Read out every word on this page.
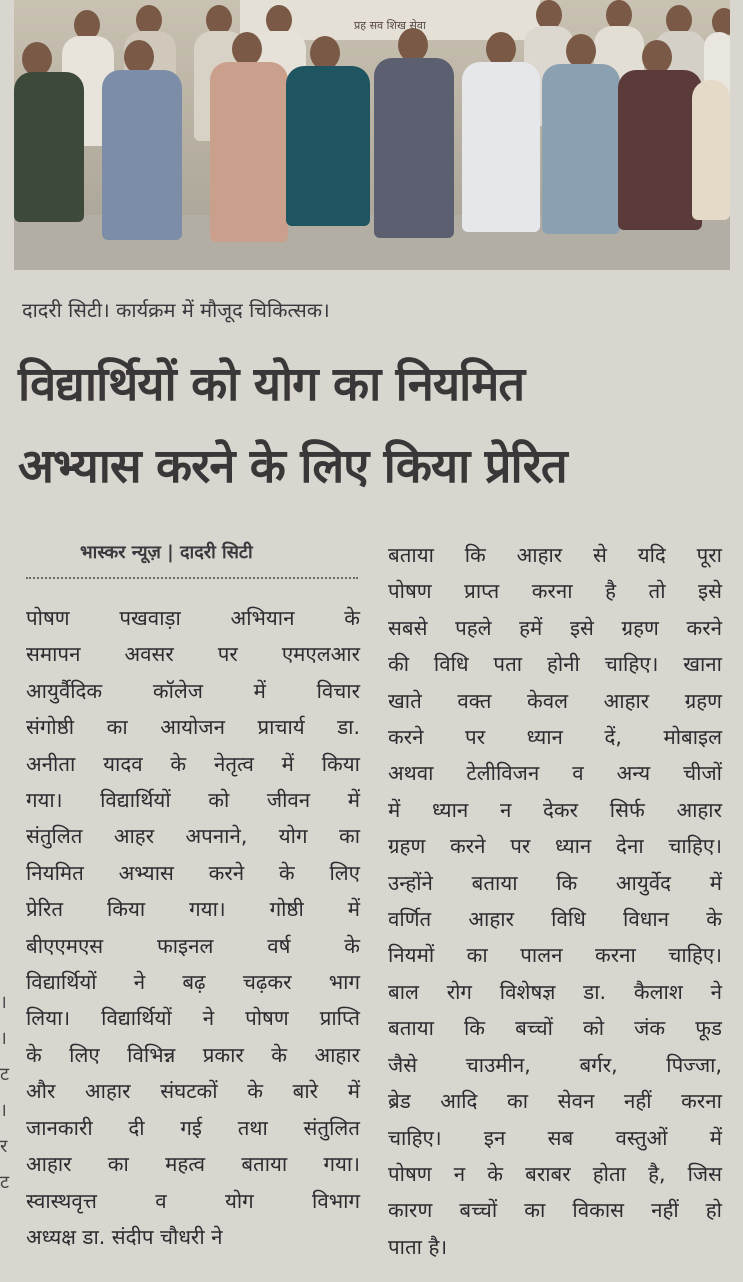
प्रह सव शिख सेवा
दादरी सिटी। कार्यक्रम में मौजूद चिकित्सक।
विद्यार्थियों को योग का नियमित
अभ्यास करने के लिए किया प्रेरित
भास्कर न्यूज़ | दादरी सिटी
पोषण पखवाड़ा अभियान के
समापन अवसर पर एमएलआर
आयुर्वैदिक कॉलेज में विचार
संगोष्ठी का आयोजन प्राचार्य डा.
अनीता यादव के नेतृत्व में किया
गया। विद्यार्थियों को जीवन में
संतुलित आहर अपनाने, योग का
नियमित अभ्यास करने के लिए
प्रेरित किया गया। गोष्ठी में
बीएएमएस फाइनल वर्ष के
विद्यार्थियों ने बढ़ चढ़कर भाग
लिया। विद्यार्थियों ने पोषण प्राप्ति
के लिए विभिन्न प्रकार के आहार
और आहार संघटकों के बारे में
जानकारी दी गई तथा संतुलित
आहार का महत्व बताया गया।
स्वास्थवृत्त व योग विभाग
अध्यक्ष डा. संदीप चौधरी ने
बताया कि आहार से यदि पूरा
पोषण प्राप्त करना है तो इसे
सबसे पहले हमें इसे ग्रहण करने
की विधि पता होनी चाहिए। खाना
खाते वक्त केवल आहार ग्रहण
करने पर ध्यान दें, मोबाइल
अथवा टेलीविजन व अन्य चीजों
में ध्यान न देकर सिर्फ आहार
ग्रहण करने पर ध्यान देना चाहिए।
उन्होंने बताया कि आयुर्वेद में
वर्णित आहार विधि विधान के
नियमों का पालन करना चाहिए।
बाल रोग विशेषज्ञ डा. कैलाश ने
बताया कि बच्चों को जंक फूड
जैसे चाउमीन, बर्गर, पिज्जा,
ब्रेड आदि का सेवन नहीं करना
चाहिए। इन सब वस्तुओं में
पोषण न के बराबर होता है, जिस
कारण बच्चों का विकास नहीं हो
पाता है।
।
।
ट
।
र
ट
